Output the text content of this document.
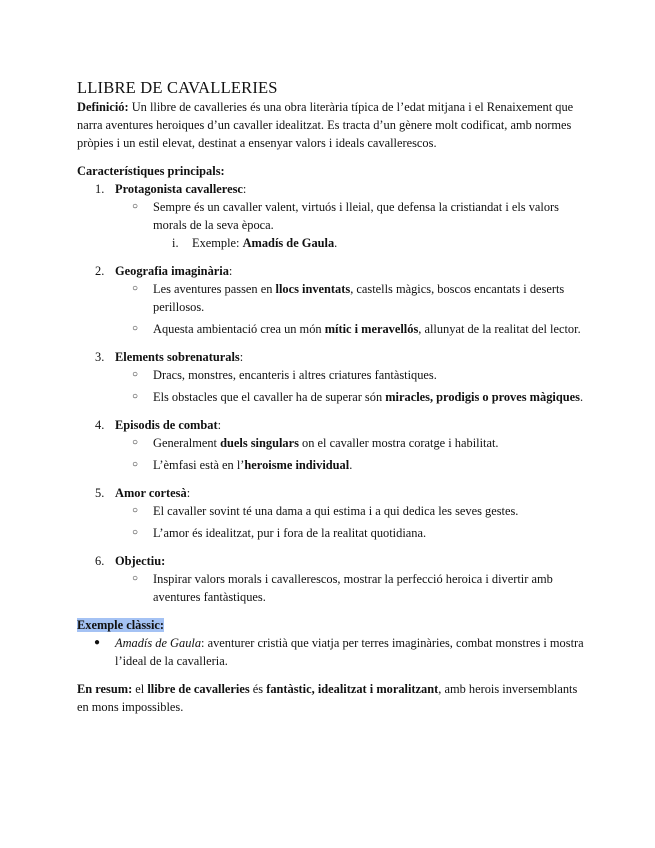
LLIBRE DE CAVALLERIES

Definició: Un llibre de cavalleries és una obra literària típica de l’edat mitjana i el Renaixement que narra aventures heroiques d’un cavaller idealitzat. Es tracta d’un gènere molt codificat, amb normes pròpies i un estil elevat, destinat a ensenyar valors i ideals cavallerescos.

Característiques principals:

1. Protagonista cavalleresc:
○ Sempre és un cavaller valent, virtuós i lleial, que defensa la cristiandat i els valors morals de la seva època.
i. Exemple: Amadís de Gaula.
2. Geografia imaginària:
○ Les aventures passen en llocs inventats, castells màgics, boscos encantats i deserts perillosos.
○ Aquesta ambientació crea un món mític i meravellós, allunyat de la realitat del lector.
3. Elements sobrenaturals:
○ Dracs, monstres, encanteris i altres criatures fantàstiques.
○ Els obstacles que el cavaller ha de superar són miracles, prodigis o proves màgiques.
4. Episodis de combat:
○ Generalment duels singulars on el cavaller mostra coratge i habilitat.
○ L’èmfasi està en l’heroisme individual.
5. Amor cortesà:
○ El cavaller sovint té una dama a qui estima i a qui dedica les seves gestes.
○ L’amor és idealitzat, pur i fora de la realitat quotidiana.
6. Objectiu:
○ Inspirar valors morals i cavallerescos, mostrar la perfecció heroica i divertir amb aventures fantàstiques.

Exemple clàssic:

● Amadís de Gaula: aventurer cristià que viatja per terres imaginàries, combat monstres i mostra l’ideal de la cavalleria.

En resum: el llibre de cavalleries és fantàstic, idealitzat i moralitzant, amb herois inversemblants en mons impossibles.
